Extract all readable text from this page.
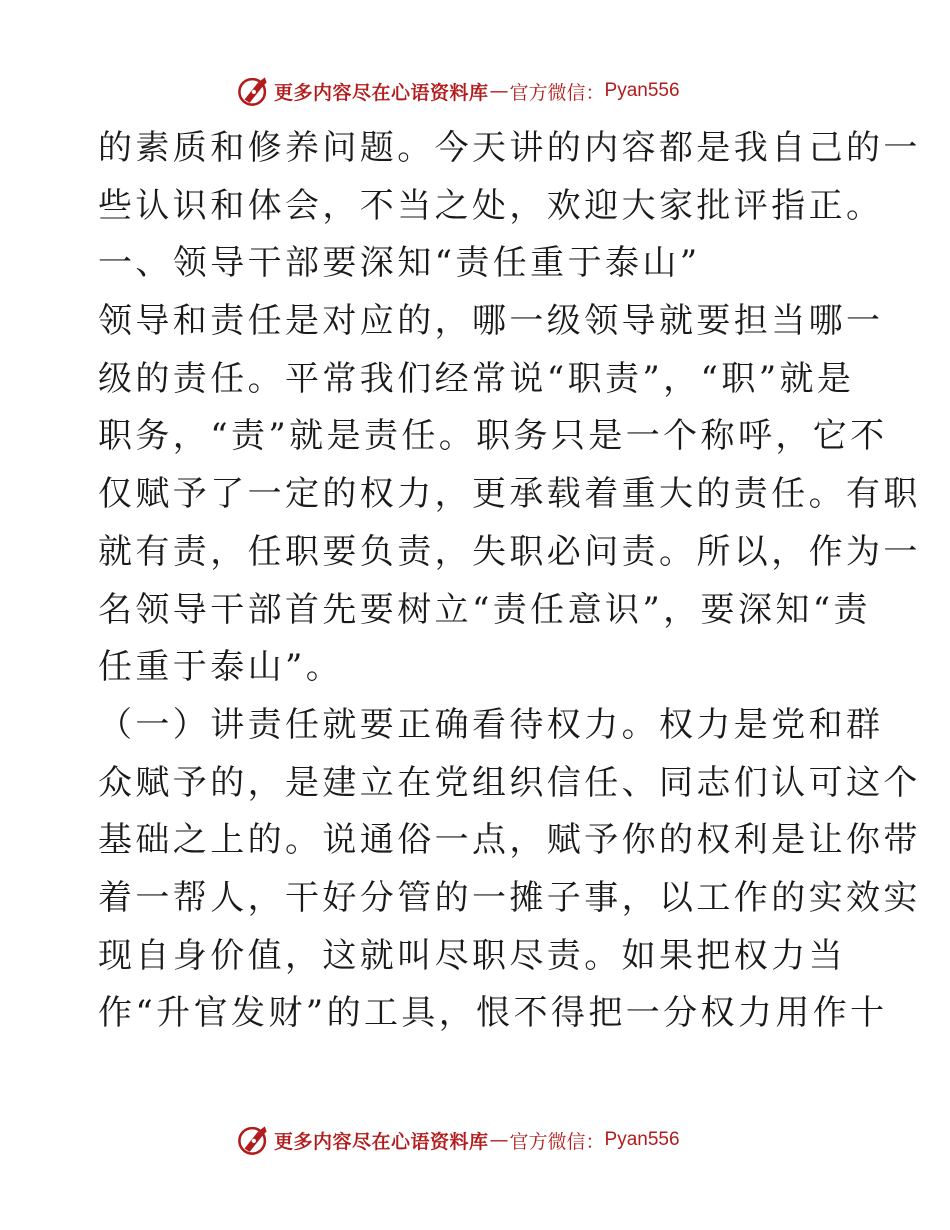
更多内容尽在心语资料库 — 官方微信： Pyan556
的素质和修养问题。今天讲的内容都是我自己的一
些认识和体会，不当之处，欢迎大家批评指正。
一、领导干部要深知“责任重于泰山”
领导和责任是对应的，哪一级领导就要担当哪一
级的责任。平常我们经常说“职责”，“职”就是
职务，“责”就是责任。职务只是一个称呼，它不
仅赋予了一定的权力，更承载着重大的责任。有职
就有责，任职要负责，失职必问责。所以，作为一
名领导干部首先要树立“责任意识”，要深知“责
任重于泰山”。
（一）讲责任就要正确看待权力。权力是党和群
众赋予的，是建立在党组织信任、同志们认可这个
基础之上的。说通俗一点，赋予你的权利是让你带
着一帮人，干好分管的一摊子事，以工作的实效实
现自身价值，这就叫尽职尽责。如果把权力当
作“升官发财”的工具，恨不得把一分权力用作十
更多内容尽在心语资料库 — 官方微信： Pyan556
